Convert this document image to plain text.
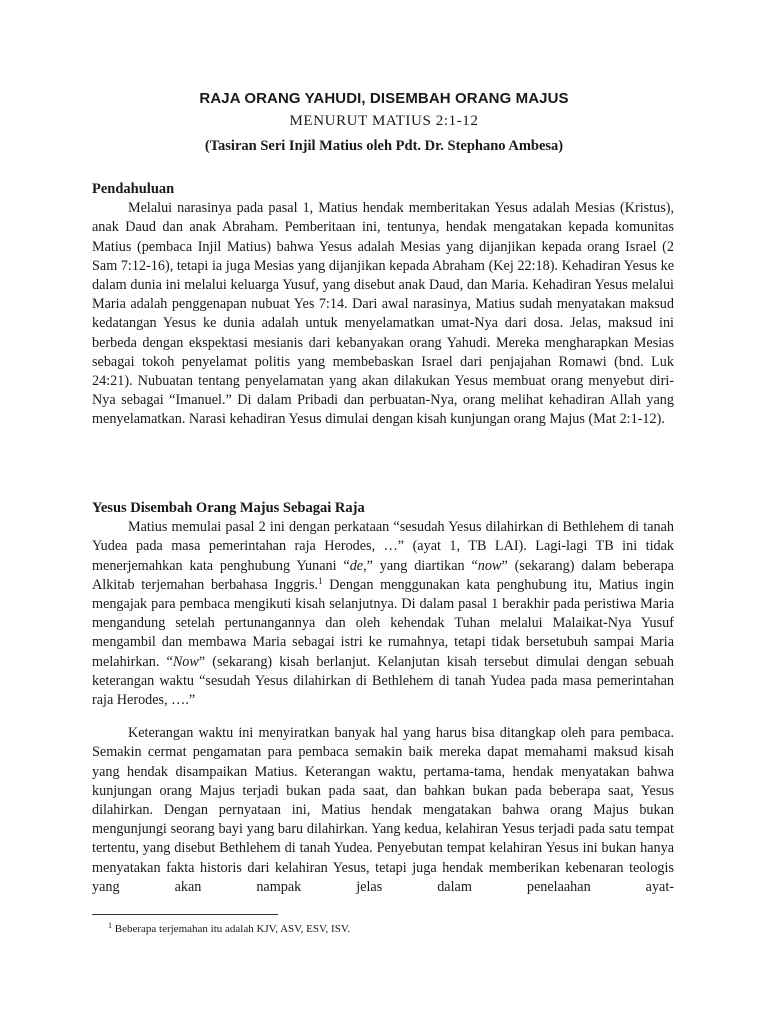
RAJA ORANG YAHUDI, DISEMBAH ORANG MAJUS

MENURUT MATIUS 2:1-12

(Tasiran Seri Injil Matius oleh Pdt. Dr. Stephano Ambesa)

Pendahuluan

Melalui narasinya pada pasal 1, Matius hendak memberitakan Yesus adalah Mesias (Kristus), anak Daud dan anak Abraham. Pemberitaan ini, tentunya, hendak mengatakan kepada komunitas Matius (pembaca Injil Matius) bahwa Yesus adalah Mesias yang dijanjikan kepada orang Israel (2 Sam 7:12-16), tetapi ia juga Mesias yang dijanjikan kepada Abraham (Kej 22:18). Kehadiran Yesus ke dalam dunia ini melalui keluarga Yusuf, yang disebut anak Daud, dan Maria. Kehadiran Yesus melalui Maria adalah penggenapan nubuat Yes 7:14. Dari awal narasinya, Matius sudah menyatakan maksud kedatangan Yesus ke dunia adalah untuk menyelamatkan umat-Nya dari dosa. Jelas, maksud ini berbeda dengan ekspektasi mesianis dari kebanyakan orang Yahudi. Mereka mengharapkan Mesias sebagai tokoh penyelamat politis yang membebaskan Israel dari penjajahan Romawi (bnd. Luk 24:21). Nubuatan tentang penyelamatan yang akan dilakukan Yesus membuat orang menyebut diri-Nya sebagai “Imanuel.” Di dalam Pribadi dan perbuatan-Nya, orang melihat kehadiran Allah yang menyelamatkan. Narasi kehadiran Yesus dimulai dengan kisah kunjungan orang Majus (Mat 2:1-12).

Yesus Disembah Orang Majus Sebagai Raja

Matius memulai pasal 2 ini dengan perkataan “sesudah Yesus dilahirkan di Bethlehem di tanah Yudea pada masa pemerintahan raja Herodes, …” (ayat 1, TB LAI). Lagi-lagi TB ini tidak menerjemahkan kata penghubung Yunani “de,” yang diartikan “now” (sekarang) dalam beberapa Alkitab terjemahan berbahasa Inggris.$^1$ Dengan menggunakan kata penghubung itu, Matius ingin mengajak para pembaca mengikuti kisah selanjutnya. Di dalam pasal 1 berakhir pada peristiwa Maria mengandung setelah pertunangannya dan oleh kehendak Tuhan melalui Malaikat-Nya Yusuf mengambil dan membawa Maria sebagai istri ke rumahnya, tetapi tidak bersetubuh sampai Maria melahirkan. “Now” (sekarang) kisah berlanjut. Kelanjutan kisah tersebut dimulai dengan sebuah keterangan waktu “sesudah Yesus dilahirkan di Bethlehem di tanah Yudea pada masa pemerintahan raja Herodes, ….”

Keterangan waktu ini menyiratkan banyak hal yang harus bisa ditangkap oleh para pembaca. Semakin cermat pengamatan para pembaca semakin baik mereka dapat memahami maksud kisah yang hendak disampaikan Matius. Keterangan waktu, pertama-tama, hendak menyatakan bahwa kunjungan orang Majus terjadi bukan pada saat, dan bahkan bukan pada beberapa saat, Yesus dilahirkan. Dengan pernyataan ini, Matius hendak mengatakan bahwa orang Majus bukan mengunjungi seorang bayi yang baru dilahirkan. Yang kedua, kelahiran Yesus terjadi pada satu tempat tertentu, yang disebut Bethlehem di tanah Yudea. Penyebutan tempat kelahiran Yesus ini bukan hanya menyatakan fakta historis dari kelahiran Yesus, tetapi juga hendak memberikan kebenaran teologis yang akan nampak jelas dalam penelaahan ayat-

$^1$ Beberapa terjemahan itu adalah KJV, ASV, ESV, ISV.
